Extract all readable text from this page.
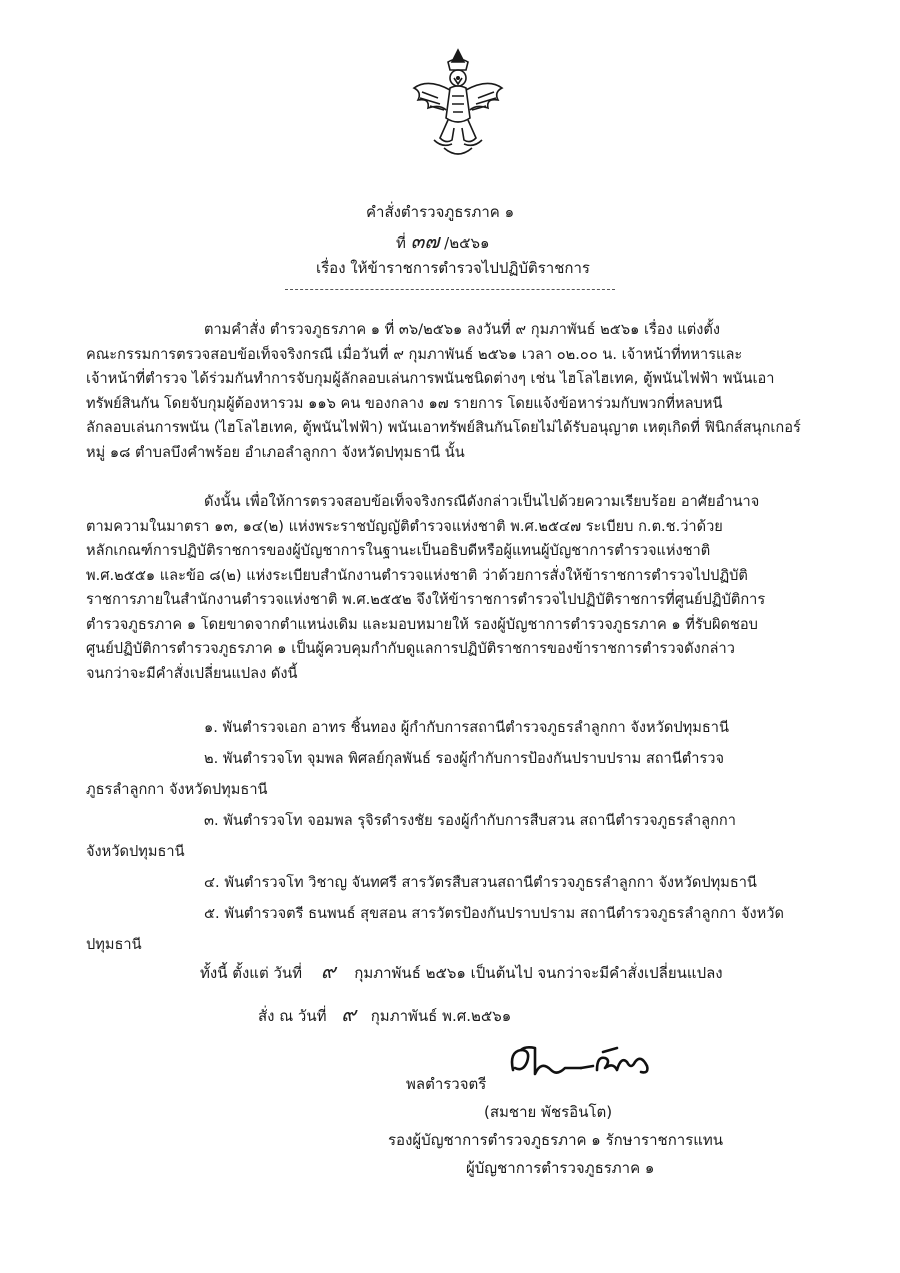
คำสั่งตำรวจภูธรภาค ๑
ที่ ๓๗ /๒๕๖๑
เรื่อง ให้ข้าราชการตำรวจไปปฏิบัติราชการ
ตามคำสั่ง ตำรวจภูธรภาค ๑ ที่ ๓๖/๒๕๖๑ ลงวันที่ ๙ กุมภาพันธ์ ๒๕๖๑ เรื่อง แต่งตั้ง
คณะกรรมการตรวจสอบข้อเท็จจริงกรณี เมื่อวันที่ ๙ กุมภาพันธ์ ๒๕๖๑ เวลา ๐๒.๐๐ น. เจ้าหน้าที่ทหารและ
เจ้าหน้าที่ตำรวจ ได้ร่วมกันทำการจับกุมผู้ลักลอบเล่นการพนันชนิดต่างๆ เช่น ไฮโลไฮเทค, ตู้พนันไฟฟ้า พนันเอา
ทรัพย์สินกัน โดยจับกุมผู้ต้องหารวม ๑๑๖ คน ของกลาง ๑๗ รายการ โดยแจ้งข้อหาร่วมกับพวกที่หลบหนี
ลักลอบเล่นการพนัน (ไฮโลไฮเทค, ตู้พนันไฟฟ้า) พนันเอาทรัพย์สินกันโดยไม่ได้รับอนุญาต เหตุเกิดที่ ฟินิกส์สนุกเกอร์
หมู่ ๑๘ ตำบลบึงคำพร้อย อำเภอลำลูกกา จังหวัดปทุมธานี นั้น
ดังนั้น เพื่อให้การตรวจสอบข้อเท็จจริงกรณีดังกล่าวเป็นไปด้วยความเรียบร้อย อาศัยอำนาจ
ตามความในมาตรา ๑๓, ๑๔(๒) แห่งพระราชบัญญัติตำรวจแห่งชาติ พ.ศ.๒๕๔๗ ระเบียบ ก.ต.ช.ว่าด้วย
หลักเกณฑ์การปฏิบัติราชการของผู้บัญชาการในฐานะเป็นอธิบดีหรือผู้แทนผู้บัญชาการตำรวจแห่งชาติ
พ.ศ.๒๕๕๑ และข้อ ๘(๒) แห่งระเบียบสำนักงานตำรวจแห่งชาติ ว่าด้วยการสั่งให้ข้าราชการตำรวจไปปฏิบัติ
ราชการภายในสำนักงานตำรวจแห่งชาติ พ.ศ.๒๕๕๒ จึงให้ข้าราชการตำรวจไปปฏิบัติราชการที่ศูนย์ปฏิบัติการ
ตำรวจภูธรภาค ๑ โดยขาดจากตำแหน่งเดิม และมอบหมายให้ รองผู้บัญชาการตำรวจภูธรภาค ๑ ที่รับผิดชอบ
ศูนย์ปฏิบัติการตำรวจภูธรภาค ๑ เป็นผู้ควบคุมกำกับดูแลการปฏิบัติราชการของข้าราชการตำรวจดังกล่าว
จนกว่าจะมีคำสั่งเปลี่ยนแปลง ดังนี้
๑. พันตำรวจเอก อาทร ชิ้นทอง ผู้กำกับการสถานีตำรวจภูธรลำลูกกา จังหวัดปทุมธานี
๒. พันตำรวจโท จุมพล พิศลย์กุลพันธ์ รองผู้กำกับการป้องกันปราบปราม สถานีตำรวจ
ภูธรลำลูกกา จังหวัดปทุมธานี
๓. พันตำรวจโท จอมพล รุจิรดำรงชัย รองผู้กำกับการสืบสวน สถานีตำรวจภูธรลำลูกกา
จังหวัดปทุมธานี
๔. พันตำรวจโท วิชาญ จันทศรี สารวัตรสืบสวนสถานีตำรวจภูธรลำลูกกา จังหวัดปทุมธานี
๕. พันตำรวจตรี ธนพนธ์ สุขสอน สารวัตรป้องกันปราบปราม สถานีตำรวจภูธรลำลูกกา จังหวัด
ปทุมธานี
ทั้งนี้ ตั้งแต่ วันที่ ๙ กุมภาพันธ์ ๒๕๖๑ เป็นต้นไป จนกว่าจะมีคำสั่งเปลี่ยนแปลง
สั่ง ณ วันที่ ๙ กุมภาพันธ์ พ.ศ.๒๕๖๑
พลตำรวจตรี
(สมชาย พัชรอินโต)
รองผู้บัญชาการตำรวจภูธรภาค ๑ รักษาราชการแทน
ผู้บัญชาการตำรวจภูธรภาค ๑
